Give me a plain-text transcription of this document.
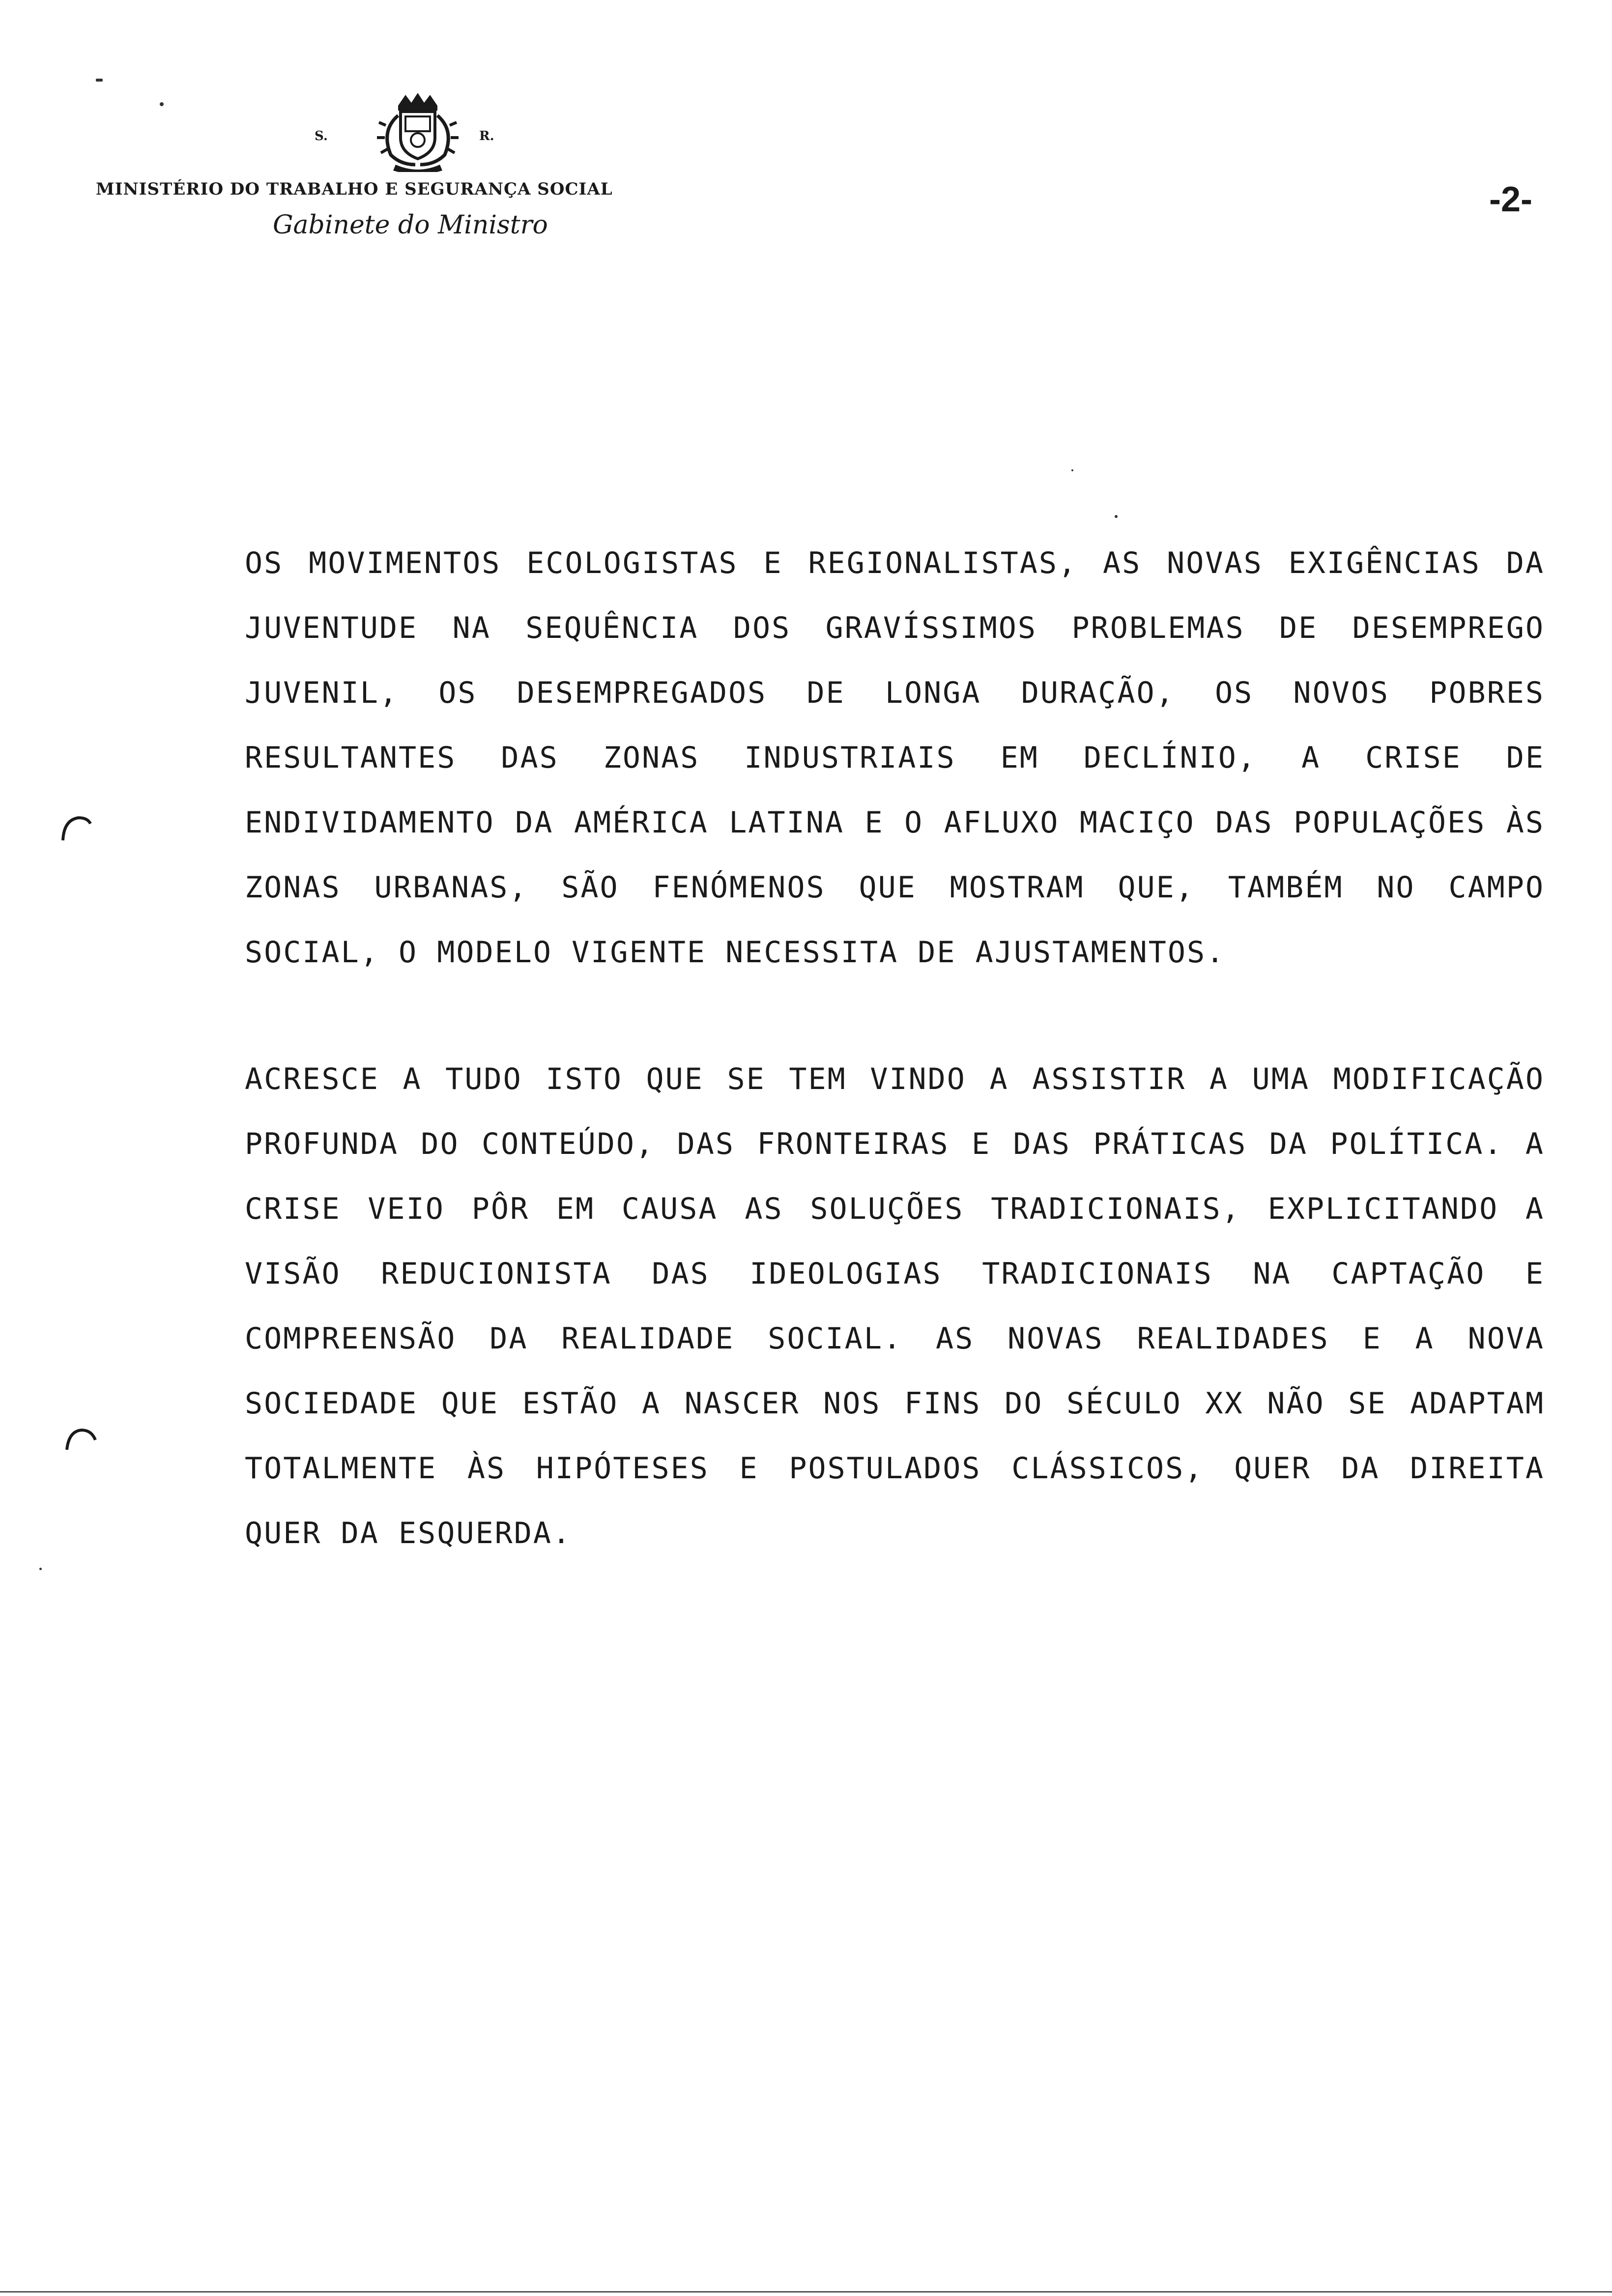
S.	R.
MINISTÉRIO DO TRABALHO E SEGURANÇA SOCIAL
Gabinete do Ministro
-2-

OS MOVIMENTOS ECOLOGISTAS E REGIONALISTAS, AS NOVAS EXIGÊNCIAS DA JUVENTUDE NA SEQUÊNCIA DOS GRAVÍSSIMOS PROBLEMAS DE DESEMPREGO JUVENIL, OS DESEMPREGADOS DE LONGA DURAÇÃO, OS NOVOS POBRES RESULTANTES DAS ZONAS INDUSTRIAIS EM DECLÍNIO, A CRISE DE ENDIVIDAMENTO DA AMÉRICA LATINA E O AFLUXO MACIÇO DAS POPULAÇÕES ÀS ZONAS URBANAS, SÃO FENÓMENOS QUE MOSTRAM QUE, TAMBÉM NO CAMPO SOCIAL, O MODELO VIGENTE NECESSITA DE AJUSTAMENTOS.

ACRESCE A TUDO ISTO QUE SE TEM VINDO A ASSISTIR A UMA MODIFICAÇÃO PROFUNDA DO CONTEÚDO, DAS FRONTEIRAS E DAS PRÁTICAS DA POLÍTICA. A CRISE VEIO PÔR EM CAUSA AS SOLUÇÕES TRADICIONAIS, EXPLICITANDO A VISÃO REDUCIONISTA DAS IDEOLOGIAS TRADICIONAIS NA CAPTAÇÃO E COMPREENSÃO DA REALIDADE SOCIAL. AS NOVAS REALIDADES E A NOVA SOCIEDADE QUE ESTÃO A NASCER NOS FINS DO SÉCULO XX NÃO SE ADAPTAM TOTALMENTE ÀS HIPÓTESES E POSTULADOS CLÁSSICOS, QUER DA DIREITA QUER DA ESQUERDA.
